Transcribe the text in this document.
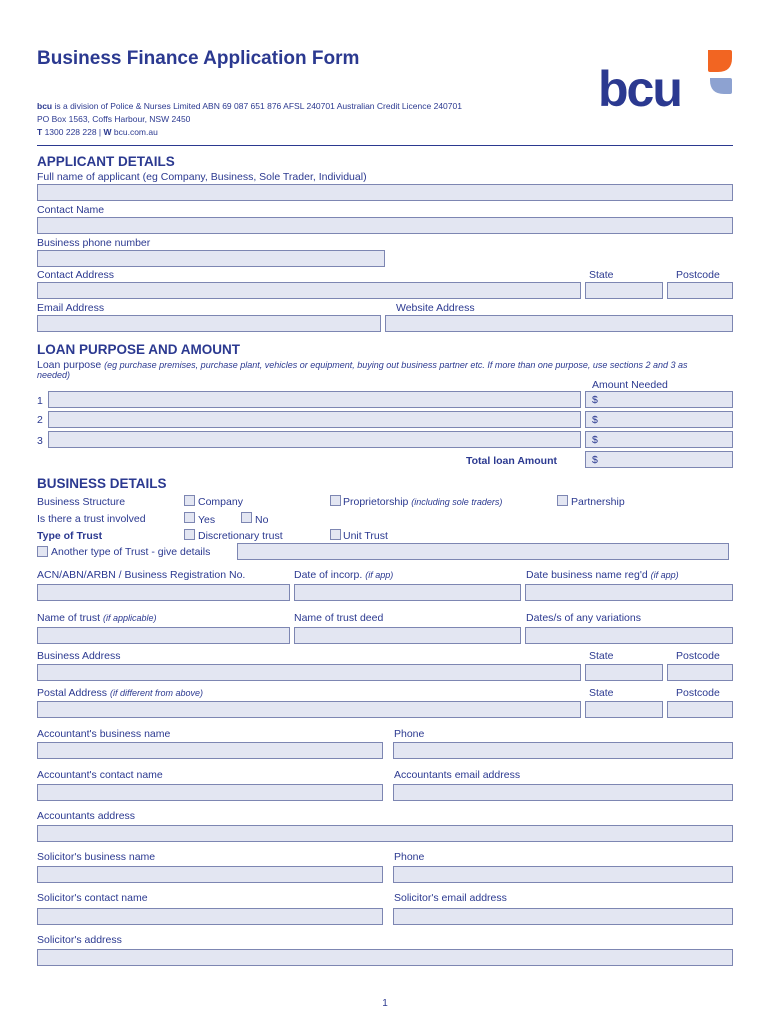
Business Finance Application Form
bcu is a division of Police & Nurses Limited ABN 69 087 651 876 AFSL 240701 Australian Credit Licence 240701
PO Box 1563, Coffs Harbour, NSW 2450
T 1300 228 228 | W bcu.com.au
bcu
APPLICANT DETAILS
Full name of applicant (eg Company, Business, Sole Trader, Individual)
Contact Name
Business phone number
Contact Address	State	Postcode
Email Address	Website Address
LOAN PURPOSE AND AMOUNT
Loan purpose (eg purchase premises, purchase plant, vehicles or equipment, buying out business partner etc. If more than one purpose, use sections 2 and 3 as needed)
Amount Needed
1	$
2	$
3	$
Total loan Amount	$
BUSINESS DETAILS
Business Structure	Company	Proprietorship (including sole traders)	Partnership
Is there a trust involved	Yes	No
Type of Trust	Discretionary trust	Unit Trust
Another type of Trust - give details
ACN/ABN/ARBN / Business Registration No.	Date of incorp. (if app)	Date business name reg'd (if app)
Name of trust (if applicable)	Name of trust deed	Dates/s of any variations
Business Address	State	Postcode
Postal Address (if different from above)	State	Postcode
Accountant's business name	Phone
Accountant's contact name	Accountants email address
Accountants address
Solicitor's business name	Phone
Solicitor's contact name	Solicitor's email address
Solicitor's address
1
